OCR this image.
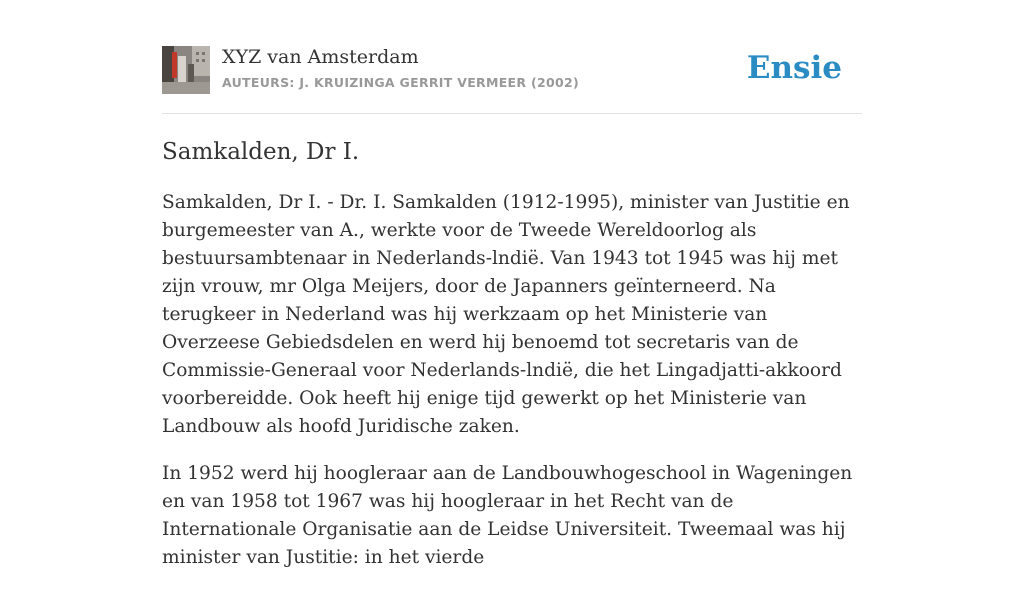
XYZ van Amsterdam
AUTEURS: J. KRUIZINGA GERRIT VERMEER (2002)	Ensie
Samkalden, Dr I.

Samkalden, Dr I. - Dr. I. Samkalden (1912-1995), minister van Justitie en burgemeester van A., werkte voor de Tweede Wereldoorlog als bestuursambtenaar in Nederlands-lndië. Van 1943 tot 1945 was hij met zijn vrouw, mr Olga Meijers, door de Japanners geïnterneerd. Na terugkeer in Nederland was hij werkzaam op het Ministerie van Overzeese Gebiedsdelen en werd hij benoemd tot secretaris van de Commissie-Generaal voor Nederlands-lndië, die het Lingadjatti-akkoord voorbereidde. Ook heeft hij enige tijd gewerkt op het Ministerie van Landbouw als hoofd Juridische zaken.

In 1952 werd hij hoogleraar aan de Landbouwhogeschool in Wageningen en van 1958 tot 1967 was hij hoogleraar in het Recht van de Internationale Organisatie aan de Leidse Universiteit. Tweemaal was hij minister van Justitie: in het vierde
